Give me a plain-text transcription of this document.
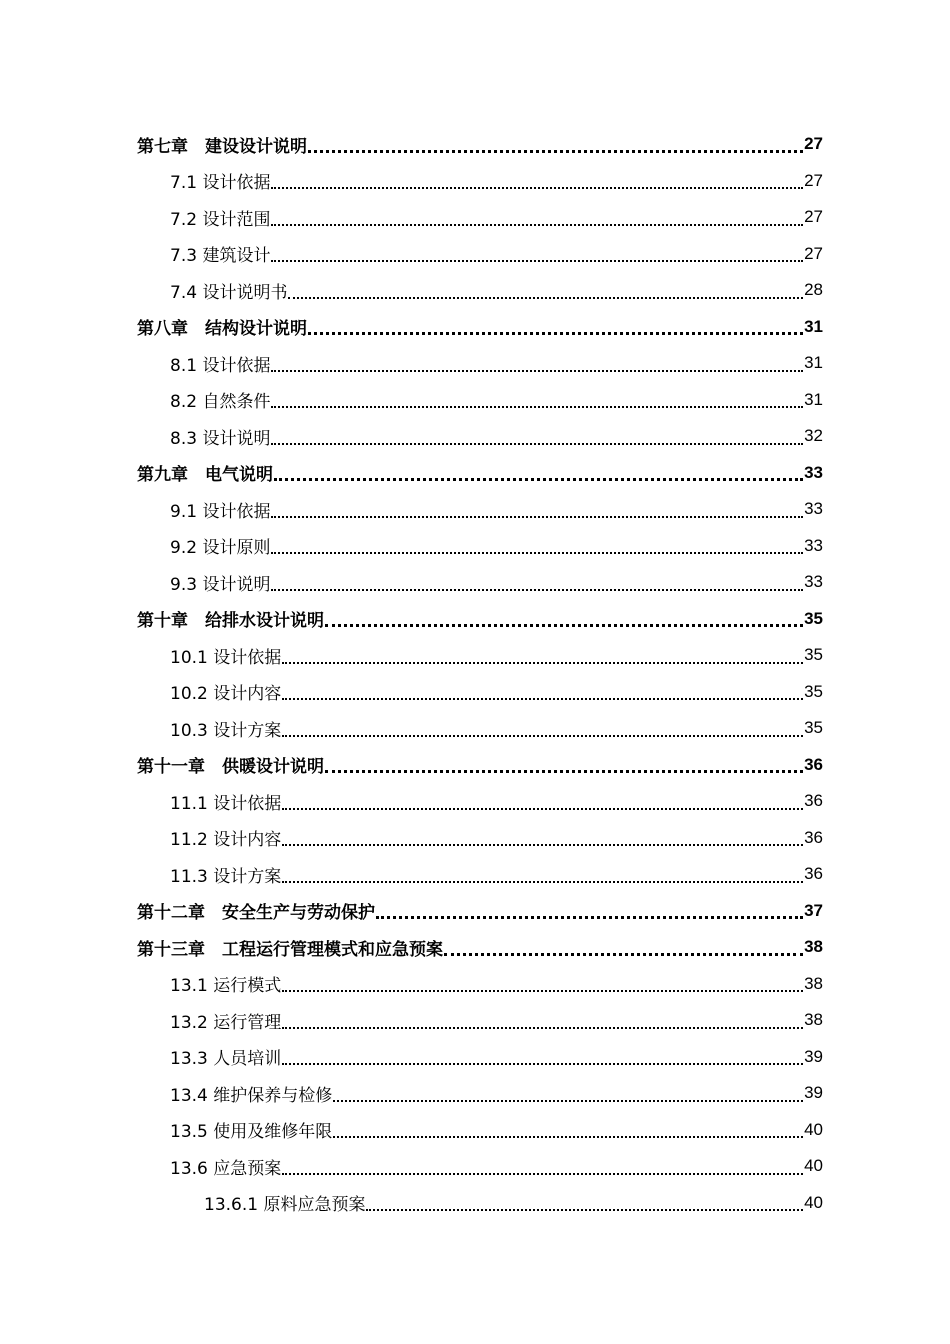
第七章　建设设计说明	27
7.1 设计依据	27
7.2 设计范围	27
7.3 建筑设计	27
7.4 设计说明书	28
第八章　结构设计说明	31
8.1 设计依据	31
8.2 自然条件	31
8.3 设计说明	32
第九章　电气说明	33
9.1 设计依据	33
9.2 设计原则	33
9.3 设计说明	33
第十章　给排水设计说明	35
10.1 设计依据	35
10.2 设计内容	35
10.3 设计方案	35
第十一章　供暖设计说明	36
11.1 设计依据	36
11.2 设计内容	36
11.3 设计方案	36
第十二章　安全生产与劳动保护	37
第十三章　工程运行管理模式和应急预案	38
13.1 运行模式	38
13.2 运行管理	38
13.3 人员培训	39
13.4 维护保养与检修	39
13.5 使用及维修年限	40
13.6 应急预案	40
13.6.1 原料应急预案	40
